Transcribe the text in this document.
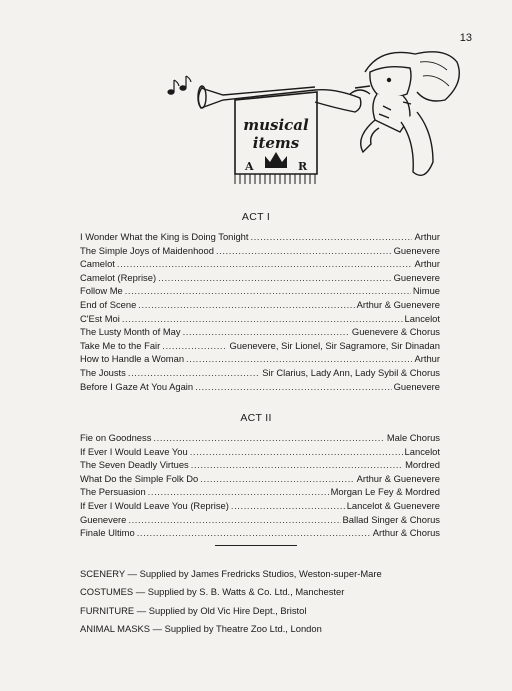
13
musical
items
A	R
ACT I
I Wonder What the King is Doing Tonight .....	Arthur
The Simple Joys of Maidenhood .....	Guenevere
Camelot .....	Arthur
Camelot (Reprise) .....	Guenevere
Follow Me .....	Nimue
End of Scene .....	Arthur & Guenevere
C'Est Moi .....	Lancelot
The Lusty Month of May .....	Guenevere & Chorus
Take Me to the Fair .....	Guenevere, Sir Lionel, Sir Sagramore, Sir Dinadan
How to Handle a Woman .....	Arthur
The Jousts .....	Sir Clarius, Lady Ann, Lady Sybil & Chorus
Before I Gaze At You Again .....	Guenevere
ACT II
Fie on Goodness .....	Male Chorus
If Ever I Would Leave You .....	Lancelot
The Seven Deadly Virtues .....	Mordred
What Do the Simple Folk Do .....	Arthur & Guenevere
The Persuasion .....	Morgan Le Fey & Mordred
If Ever I Would Leave You (Reprise) .....	Lancelot & Guenevere
Guenevere .....	Ballad Singer & Chorus
Finale Ultimo .....	Arthur & Chorus
SCENERY — Supplied by James Fredricks Studios, Weston-super-Mare
COSTUMES — Supplied by S. B. Watts & Co. Ltd., Manchester
FURNITURE — Supplied by Old Vic Hire Dept., Bristol
ANIMAL MASKS — Supplied by Theatre Zoo Ltd., London
